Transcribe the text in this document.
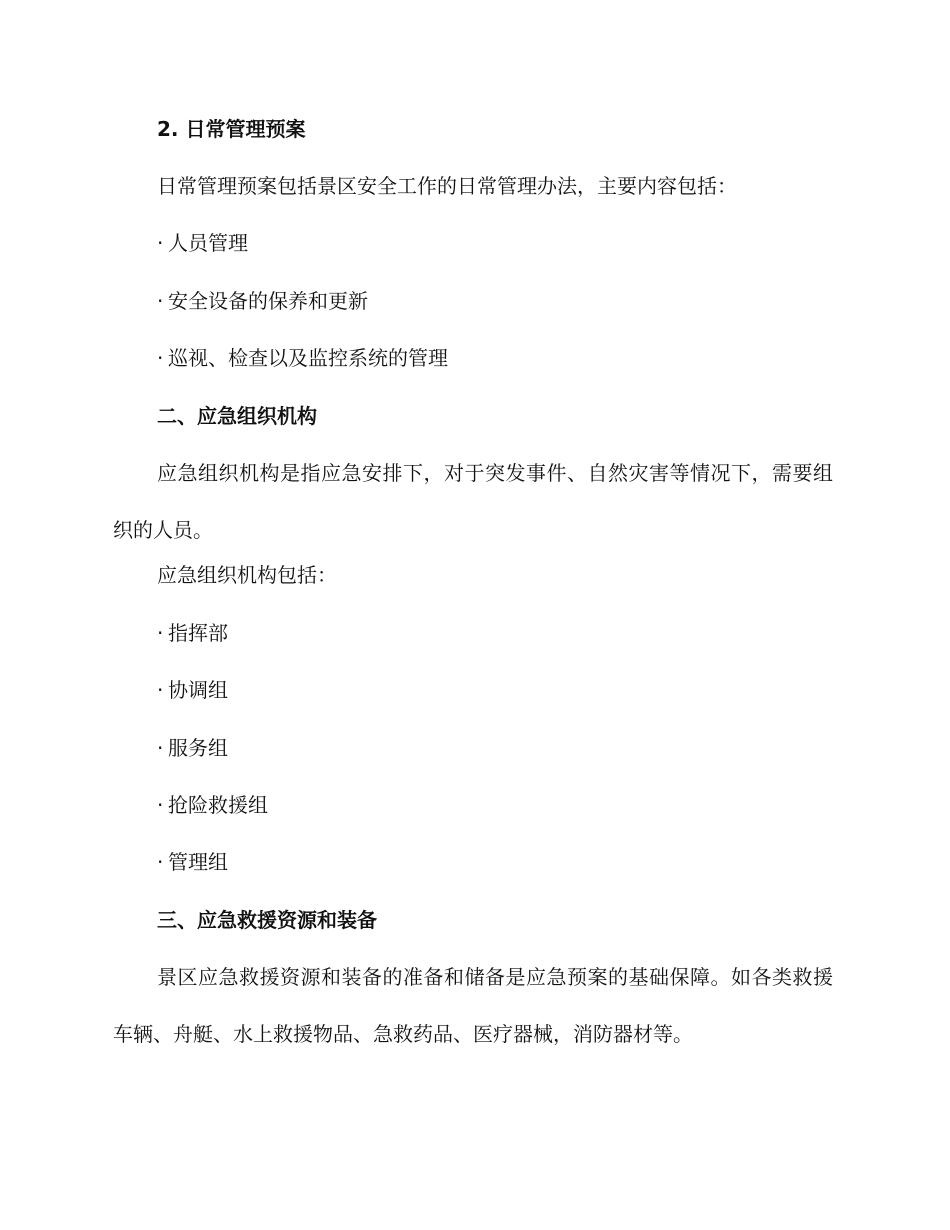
2. 日常管理预案
日常管理预案包括景区安全工作的日常管理办法，主要内容包括：
· 人员管理
· 安全设备的保养和更新
· 巡视、检查以及监控系统的管理
二、应急组织机构
应急组织机构是指应急安排下，对于突发事件、自然灾害等情况下，需要组织的人员。
应急组织机构包括：
· 指挥部
· 协调组
· 服务组
· 抢险救援组
· 管理组
三、应急救援资源和装备
景区应急救援资源和装备的准备和储备是应急预案的基础保障。如各类救援车辆、舟艇、水上救援物品、急救药品、医疗器械，消防器材等。
